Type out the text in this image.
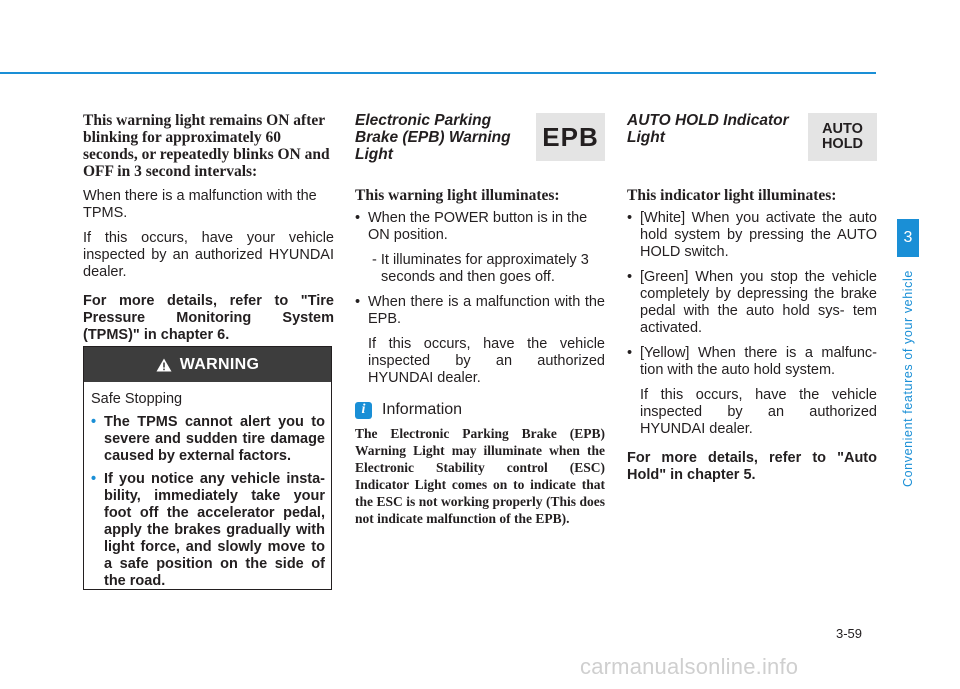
This warning light remains ON after blinking for approximately 60 seconds, or repeatedly blinks ON and OFF in 3 second intervals:

When there is a malfunction with the TPMS.

If this occurs, have your vehicle inspected by an authorized HYUNDAI dealer.

For more details, refer to "Tire Pressure Monitoring System (TPMS)" in chapter 6.

WARNING
Safe Stopping
• The TPMS cannot alert you to severe and sudden tire damage caused by external factors.
• If you notice any vehicle insta- bility, immediately take your foot off the accelerator pedal, apply the brakes gradually with light force, and slowly move to a safe position on the side of the road.
Electronic Parking
Brake (EPB) Warning
Light
EPB
This warning light illuminates:
• When the POWER button is in the ON position.
- It illuminates for approximately 3 seconds and then goes off.
• When there is a malfunction with the EPB.
If this occurs, have the vehicle inspected by an authorized HYUNDAI dealer.
i	Information
The Electronic Parking Brake (EPB) Warning Light may illuminate when the Electronic Stability control (ESC) Indicator Light comes on to indicate that the ESC is not working properly (This does not indicate malfunction of the EPB).
AUTO HOLD Indicator
Light	AUTO
HOLD
This indicator light illuminates:
• [White] When you activate the auto hold system by pressing the AUTO HOLD switch.
• [Green] When you stop the vehicle completely by depressing the brake pedal with the auto hold sys- tem activated.
• [Yellow] When there is a malfunc- tion with the auto hold system.
If this occurs, have the vehicle inspected by an authorized HYUNDAI dealer.

For more details, refer to "Auto Hold" in chapter 5.

3
Convenient features of your vehicle
3-59
carmanualsonline.info
